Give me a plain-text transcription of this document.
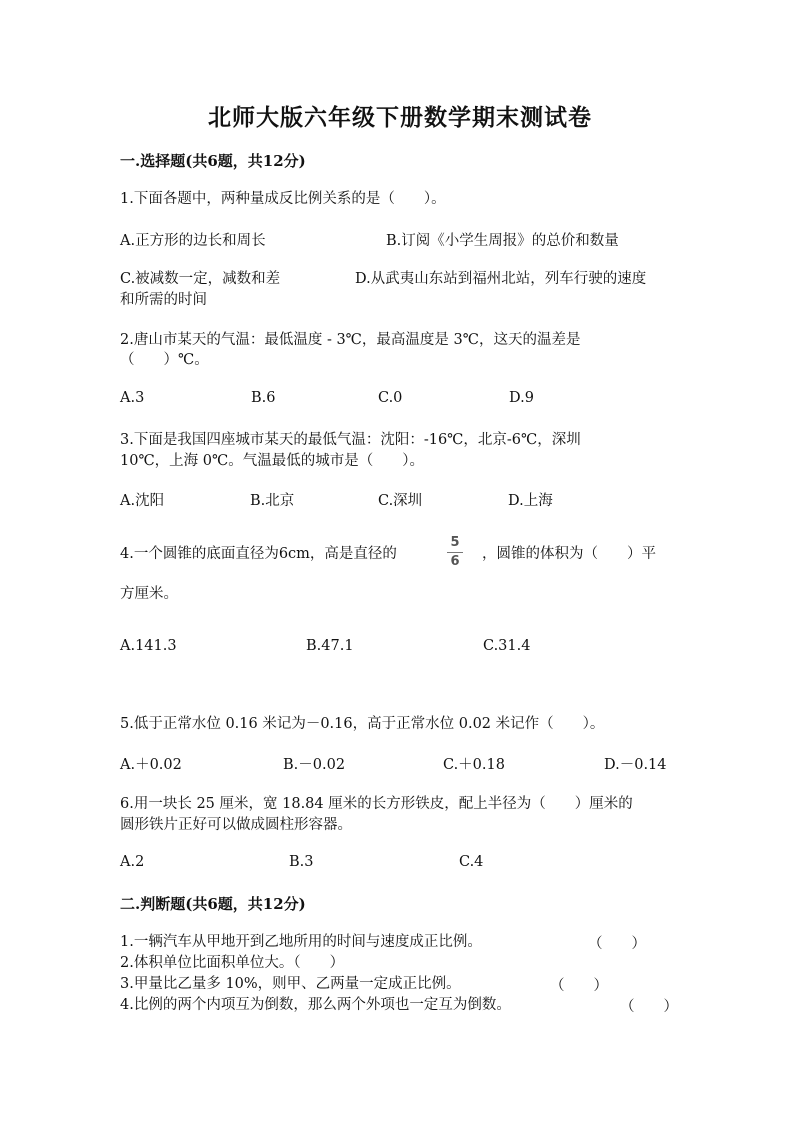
北师大版六年级下册数学期末测试卷
一.选择题(共6题，共12分)
1.下面各题中，两种量成反比例关系的是（　　）。
A.正方形的边长和周长	B.订阅《小学生周报》的总价和数量
C.被减数一定，减数和差	D.从武夷山东站到福州北站，列车行驶的速度
和所需的时间
2.唐山市某天的气温：最低温度 - 3℃，最高温度是 3℃，这天的温差是
（　　）℃。
A.3	B.6	C.0	D.9
3.下面是我国四座城市某天的最低气温：沈阳：-16℃，北京-6℃，深圳
10℃，上海 0℃。气温最低的城市是（　　）。
A.沈阳	B.北京	C.深圳	D.上海
4.一个圆锥的底面直径为6cm，高是直径的
5
6	，圆锥的体积为（　　）平
方厘米。
A.141.3	B.47.1	C.31.4
5.低于正常水位 0.16 米记为－0.16，高于正常水位 0.02 米记作（　　）。
A.＋0.02	B.－0.02	C.＋0.18	D.－0.14
6.用一块长 25 厘米，宽 18.84 厘米的长方形铁皮，配上半径为（　　）厘米的
圆形铁片正好可以做成圆柱形容器。
A.2	B.3	C.4
二.判断题(共6题，共12分)
1.一辆汽车从甲地开到乙地所用的时间与速度成正比例。	（　　）
2.体积单位比面积单位大。（　　）
3.甲量比乙量多 10%，则甲、乙两量一定成正比例。	（　　）
4.比例的两个内项互为倒数，那么两个外项也一定互为倒数。	（　　）
